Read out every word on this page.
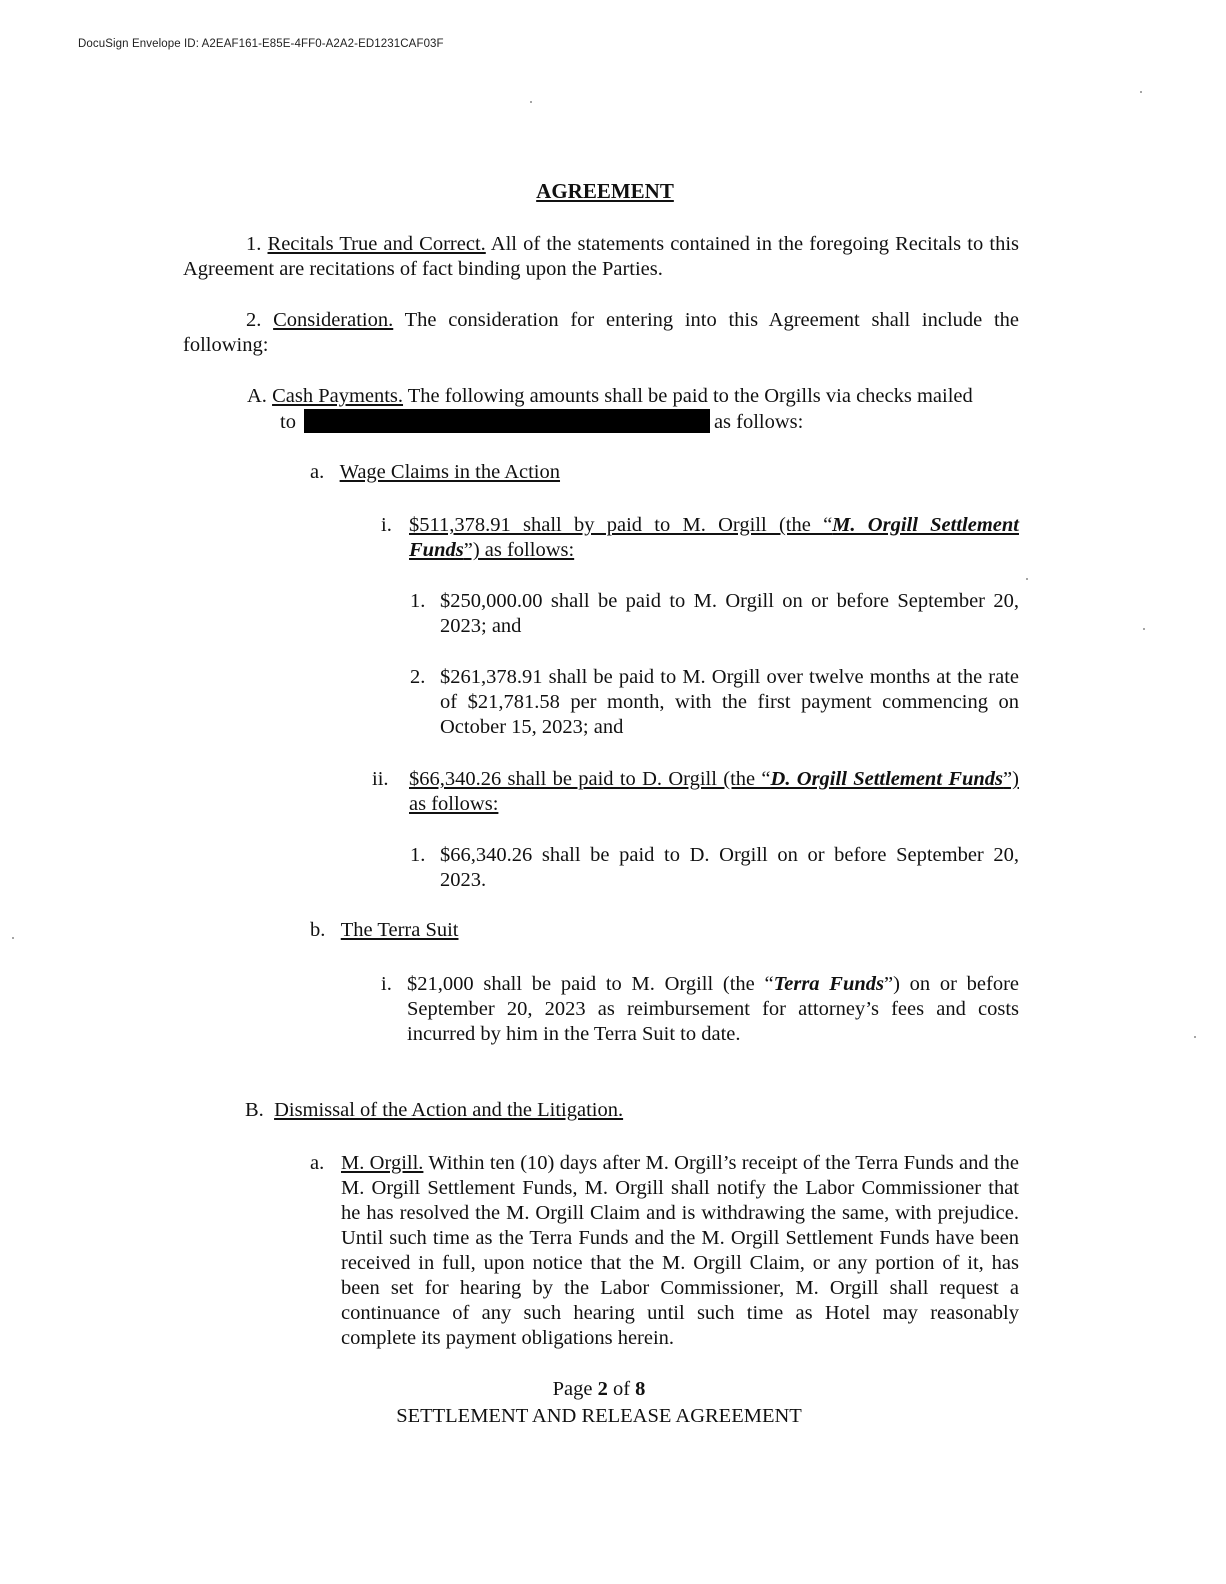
DocuSign Envelope ID: A2EAF161-E85E-4FF0-A2A2-ED1231CAF03F
AGREEMENT

1. Recitals True and Correct. All of the statements contained in the foregoing Recitals to this Agreement are recitations of fact binding upon the Parties.

2. Consideration. The consideration for entering into this Agreement shall include the following:

A. Cash Payments. The following amounts shall be paid to the Orgills via checks mailed

to	as follows:

a. Wage Claims in the Action

i. $511,378.91 shall by paid to M. Orgill (the “M. Orgill Settlement Funds”) as follows:

1. $250,000.00 shall be paid to M. Orgill on or before September 20, 2023; and

2. $261,378.91 shall be paid to M. Orgill over twelve months at the rate of $21,781.58 per month, with the first payment commencing on October 15, 2023; and

ii. $66,340.26 shall be paid to D. Orgill (the “D. Orgill Settlement Funds”) as follows:

1. $66,340.26 shall be paid to D. Orgill on or before September 20, 2023.

b. The Terra Suit

i. $21,000 shall be paid to M. Orgill (the “Terra Funds”) on or before September 20, 2023 as reimbursement for attorney’s fees and costs incurred by him in the Terra Suit to date.

B. Dismissal of the Action and the Litigation.

a. M. Orgill. Within ten (10) days after M. Orgill’s receipt of the Terra Funds and the M. Orgill Settlement Funds, M. Orgill shall notify the Labor Commissioner that he has resolved the M. Orgill Claim and is withdrawing the same, with prejudice. Until such time as the Terra Funds and the M. Orgill Settlement Funds have been received in full, upon notice that the M. Orgill Claim, or any portion of it, has been set for hearing by the Labor Commissioner, M. Orgill shall request a continuance of any such hearing until such time as Hotel may reasonably complete its payment obligations herein.

Page 2 of 8
SETTLEMENT AND RELEASE AGREEMENT
